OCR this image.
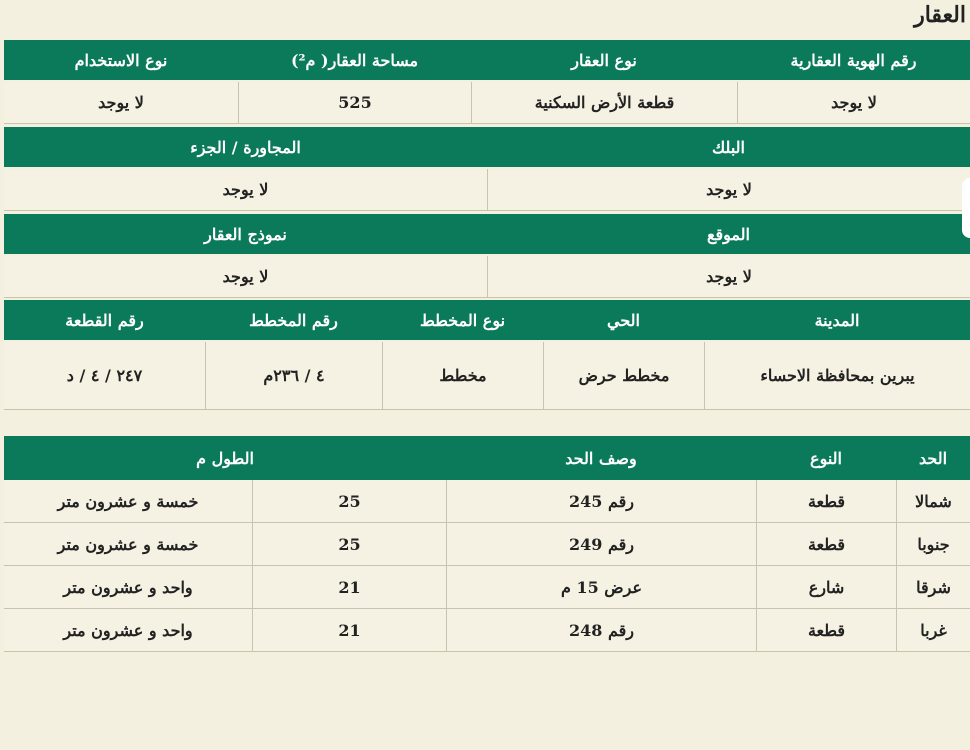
العقار
رقم الهوية العقارية
نوع العقار
مساحة العقار( م²)
نوع الاستخدام
لا يوجد
قطعة الأرض السكنية
525
لا يوجد
البلك
المجاورة / الجزء
لا يوجد
لا يوجد
الموقع
نموذج العقار
لا يوجد
لا يوجد
المدينة
الحي
نوع المخطط
رقم المخطط
رقم القطعة
يبرين بمحافظة الاحساء
مخطط حرض
مخطط
٤ / ٢٣٦م
٢٤٧ / ٤ / د
الحد
النوع
وصف الحد
الطول م
شمالا
قطعة
رقم 245
25
خمسة و عشرون متر
جنوبا
قطعة
رقم 249
25
خمسة و عشرون متر
شرقا
شارع
عرض 15 م
21
واحد و عشرون متر
غربا
قطعة
رقم 248
21
واحد و عشرون متر
